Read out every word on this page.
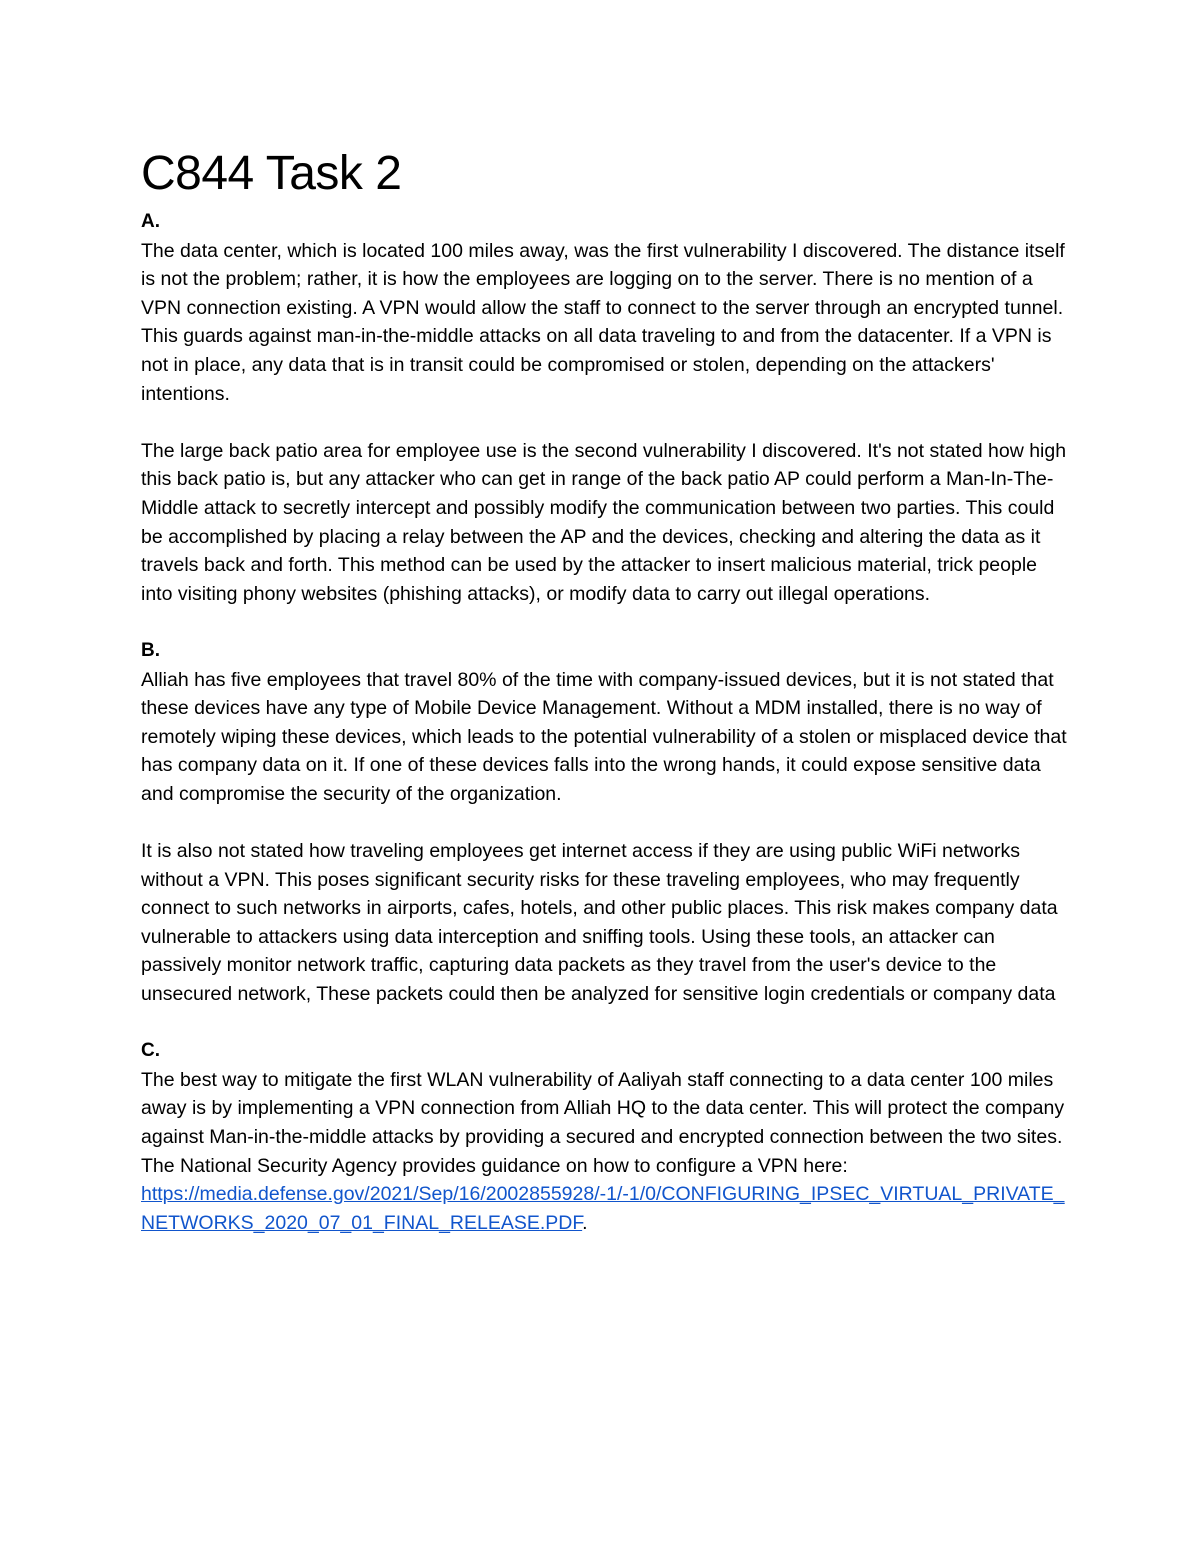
C844 Task 2

A.

The data center, which is located 100 miles away, was the first vulnerability I discovered. The distance itself is not the problem; rather, it is how the employees are logging on to the server. There is no mention of a VPN connection existing. A VPN would allow the staff to connect to the server through an encrypted tunnel. This guards against man-in-the-middle attacks on all data traveling to and from the datacenter. If a VPN is not in place, any data that is in transit could be compromised or stolen, depending on the attackers' intentions.

The large back patio area for employee use is the second vulnerability I discovered. It's not stated how high this back patio is, but any attacker who can get in range of the back patio AP could perform a Man-In-The-Middle attack to secretly intercept and possibly modify the communication between two parties. This could be accomplished by placing a relay between the AP and the devices, checking and altering the data as it travels back and forth. This method can be used by the attacker to insert malicious material, trick people into visiting phony websites (phishing attacks), or modify data to carry out illegal operations.

B.

Alliah has five employees that travel 80% of the time with company-issued devices, but it is not stated that these devices have any type of Mobile Device Management. Without a MDM installed, there is no way of remotely wiping these devices, which leads to the potential vulnerability of a stolen or misplaced device that has company data on it. If one of these devices falls into the wrong hands, it could expose sensitive data and compromise the security of the organization.

It is also not stated how traveling employees get internet access if they are using public WiFi networks without a VPN. This poses significant security risks for these traveling employees, who may frequently connect to such networks in airports, cafes, hotels, and other public places. This risk makes company data vulnerable to attackers using data interception and sniffing tools. Using these tools, an attacker can passively monitor network traffic, capturing data packets as they travel from the user's device to the unsecured network, These packets could then be analyzed for sensitive login credentials or company data

C.

The best way to mitigate the first WLAN vulnerability of Aaliyah staff connecting to a data center 100 miles away is by implementing a VPN connection from Alliah HQ to the data center. This will protect the company against Man-in-the-middle attacks by providing a secured and encrypted connection between the two sites. The National Security Agency provides guidance on how to configure a VPN here:

https://media.defense.gov/2021/Sep/16/2002855928/-1/-1/0/CONFIGURING_IPSEC_VIRTUAL_PRIVATE_NETWORKS_2020_07_01_FINAL_RELEASE.PDF.
